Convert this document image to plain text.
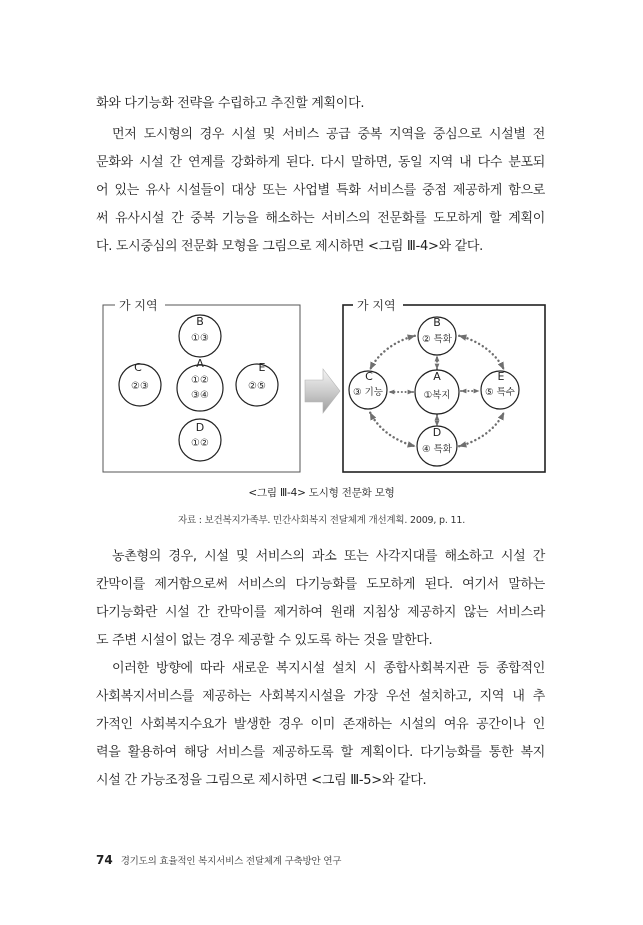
화와 다기능화 전략을 수립하고 추진할 계획이다.
먼저 도시형의 경우 시설 및 서비스 공급 중복 지역을 중심으로 시설별 전
문화와 시설 간 연계를 강화하게 된다. 다시 말하면, 동일 지역 내 다수 분포되
어 있는 유사 시설들이 대상 또는 사업별 특화 서비스를 중점 제공하게 함으로
써 유사시설 간 중복 기능을 해소하는 서비스의 전문화를 도모하게 할 계획이
다. 도시중심의 전문화 모형을 그림으로 제시하면 <그림 Ⅲ-4>와 같다.
가 지역
B
①③
C
②③
A
①②
③④
E
②⑤
D
①②
가 지역
B
② 특화
C
③ 기능
A
①복지
E
⑤ 특수
D
④ 특화
<그림 Ⅲ-4> 도시형 전문화 모형
자료 : 보건복지가족부. 민간사회복지 전달체계 개선계획. 2009, p. 11.
농촌형의 경우, 시설 및 서비스의 과소 또는 사각지대를 해소하고 시설 간
칸막이를 제거함으로써 서비스의 다기능화를 도모하게 된다. 여기서 말하는
다기능화란 시설 간 칸막이를 제거하여 원래 지침상 제공하지 않는 서비스라
도 주변 시설이 없는 경우 제공할 수 있도록 하는 것을 말한다.
이러한 방향에 따라 새로운 복지시설 설치 시 종합사회복지관 등 종합적인
사회복지서비스를 제공하는 사회복지시설을 가장 우선 설치하고, 지역 내 추
가적인 사회복지수요가 발생한 경우 이미 존재하는 시설의 여유 공간이나 인
력을 활용하여 해당 서비스를 제공하도록 할 계획이다. 다기능화를 통한 복지
시설 간 가능조정을 그림으로 제시하면 <그림 Ⅲ-5>와 같다.
74 경기도의 효율적인 복지서비스 전달체계 구축방안 연구
